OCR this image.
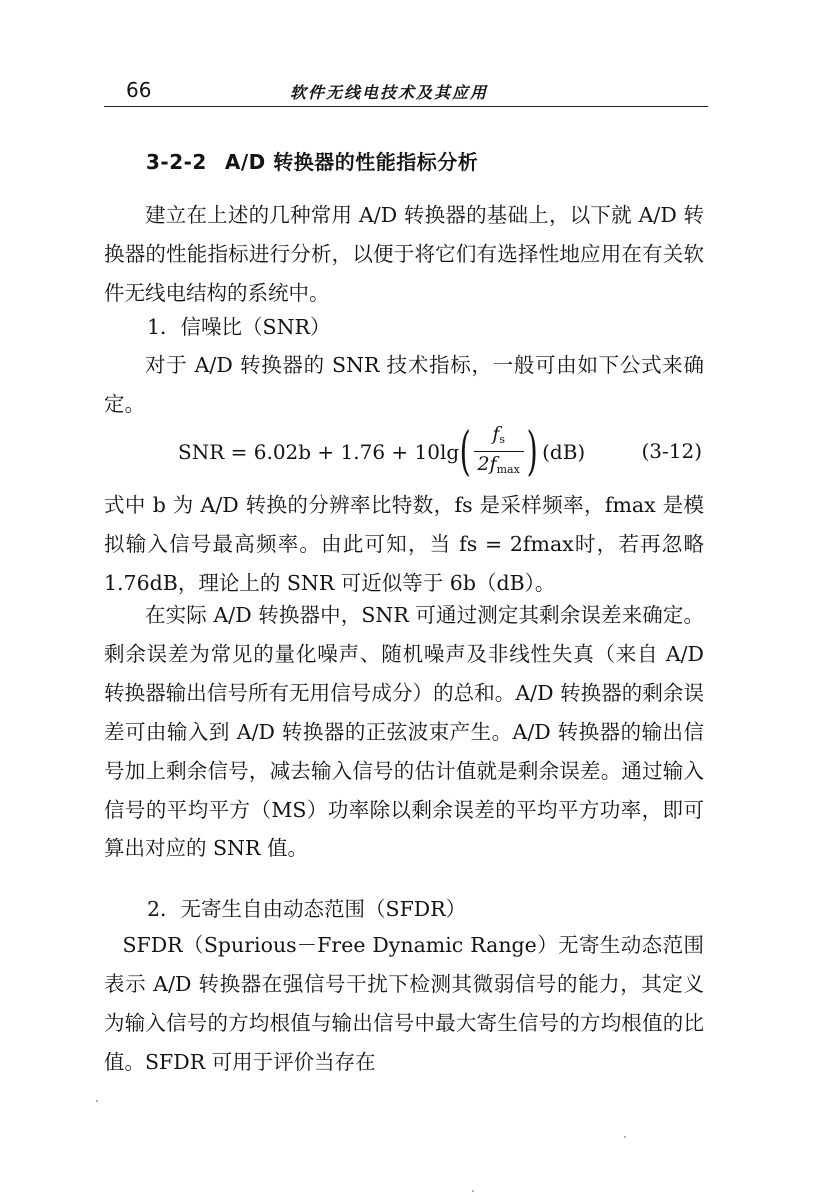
66	软件无线电技术及其应用
3-2-2 A/D 转换器的性能指标分析

建立在上述的几种常用 A/D 转换器的基础上，以下就 A/D 转换器的性能指标进行分析，以便于将它们有选择性地应用在有关软件无线电结构的系统中。

1．信噪比（SNR）

对于 A/D 转换器的 SNR 技术指标，一般可由如下公式来确定。

SNR = 6.02b + 1.76 + 10lg ( $\frac{f_s}{2f_{max}}$ ) (dB)	(3-12)

式中 b 为 A/D 转换的分辨率比特数，fs 是采样频率，fmax 是模拟输入信号最高频率。由此可知，当 fs = 2fmax时，若再忽略 1.76dB，理论上的 SNR 可近似等于 6b（dB）。

在实际 A/D 转换器中，SNR 可通过测定其剩余误差来确定。剩余误差为常见的量化噪声、随机噪声及非线性失真（来自 A/D 转换器输出信号所有无用信号成分）的总和。A/D 转换器的剩余误差可由输入到 A/D 转换器的正弦波束产生。A/D 转换器的输出信号加上剩余信号，减去输入信号的估计值就是剩余误差。通过输入信号的平均平方（MS）功率除以剩余误差的平均平方功率，即可算出对应的 SNR 值。

2．无寄生自由动态范围（SFDR）

SFDR（Spurious－Free Dynamic Range）无寄生动态范围表示 A/D 转换器在强信号干扰下检测其微弱信号的能力，其定义为输入信号的方均根值与输出信号中最大寄生信号的方均根值的比值。SFDR 可用于评价当存在
